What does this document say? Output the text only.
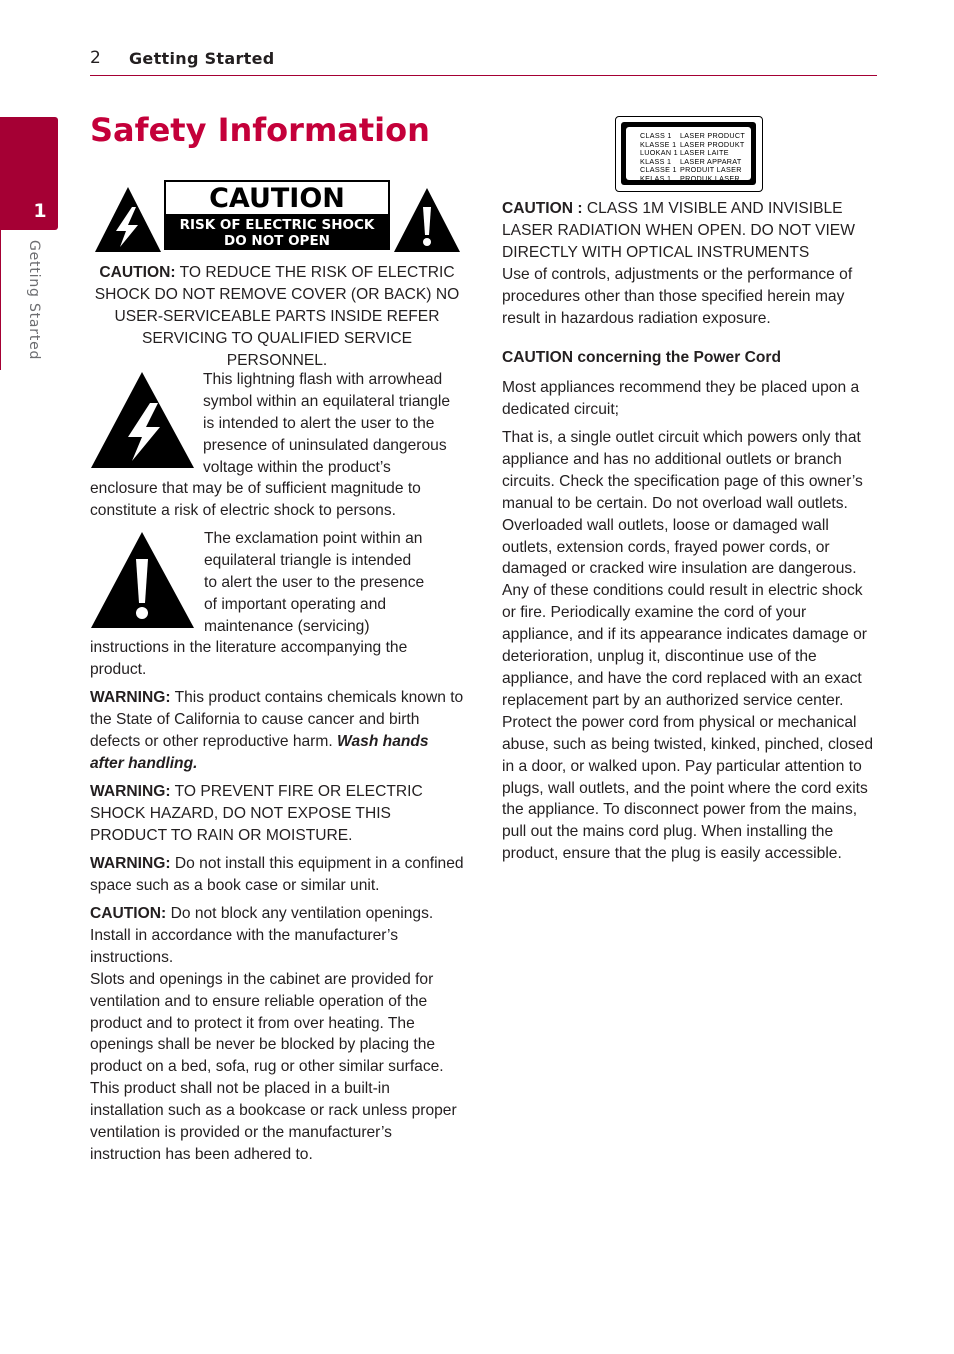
2 Getting Started
1
Getting Started
Safety Information
CAUTION
RISK OF ELECTRIC SHOCK
DO NOT OPEN
CAUTION: TO REDUCE THE RISK OF ELECTRIC SHOCK DO NOT REMOVE COVER (OR BACK) NO USER-SERVICEABLE PARTS INSIDE REFER SERVICING TO QUALIFIED SERVICE PERSONNEL.
This lightning flash with arrowhead
symbol within an equilateral triangle
is intended to alert the user to the
presence of uninsulated dangerous
voltage within the product’s
enclosure that may be of sufficient magnitude to constitute a risk of electric shock to persons.
The exclamation point within an
equilateral triangle is intended
to alert the user to the presence
of important operating and
maintenance (servicing)
instructions in the literature accompanying the product.
WARNING: This product contains chemicals known to the State of California to cause cancer and birth defects or other reproductive harm. Wash hands after handling.
WARNING: TO PREVENT FIRE OR ELECTRIC SHOCK HAZARD, DO NOT EXPOSE THIS PRODUCT TO RAIN OR MOISTURE.
WARNING: Do not install this equipment in a confined space such as a book case or similar unit.
CAUTION: Do not block any ventilation openings. Install in accordance with the manufacturer’s instructions.
Slots and openings in the cabinet are provided for ventilation and to ensure reliable operation of the product and to protect it from over heating. The openings shall be never be blocked by placing the product on a bed, sofa, rug or other similar surface. This product shall not be placed in a built-in installation such as a bookcase or rack unless proper ventilation is provided or the manufacturer’s instruction has been adhered to.
CLASS 1 LASER PRODUCT
KLASSE 1 LASER PRODUKT
LUOKAN 1 LASER LAITE
KLASS 1 LASER APPARAT
CLASSE 1 PRODUIT LASER
KELAS 1 PRODUK LASER
CAUTION : CLASS 1M VISIBLE AND INVISIBLE LASER RADIATION WHEN OPEN. DO NOT VIEW DIRECTLY WITH OPTICAL INSTRUMENTS
Use of controls, adjustments or the performance of procedures other than those specified herein may result in hazardous radiation exposure.
CAUTION concerning the Power Cord
Most appliances recommend they be placed upon a dedicated circuit;
That is, a single outlet circuit which powers only that appliance and has no additional outlets or branch circuits. Check the specification page of this owner’s manual to be certain. Do not overload wall outlets. Overloaded wall outlets, loose or damaged wall outlets, extension cords, frayed power cords, or damaged or cracked wire insulation are dangerous. Any of these conditions could result in electric shock or fire. Periodically examine the cord of your appliance, and if its appearance indicates damage or deterioration, unplug it, discontinue use of the appliance, and have the cord replaced with an exact replacement part by an authorized service center. Protect the power cord from physical or mechanical abuse, such as being twisted, kinked, pinched, closed in a door, or walked upon. Pay particular attention to plugs, wall outlets, and the point where the cord exits the appliance. To disconnect power from the mains, pull out the mains cord plug. When installing the product, ensure that the plug is easily accessible.
